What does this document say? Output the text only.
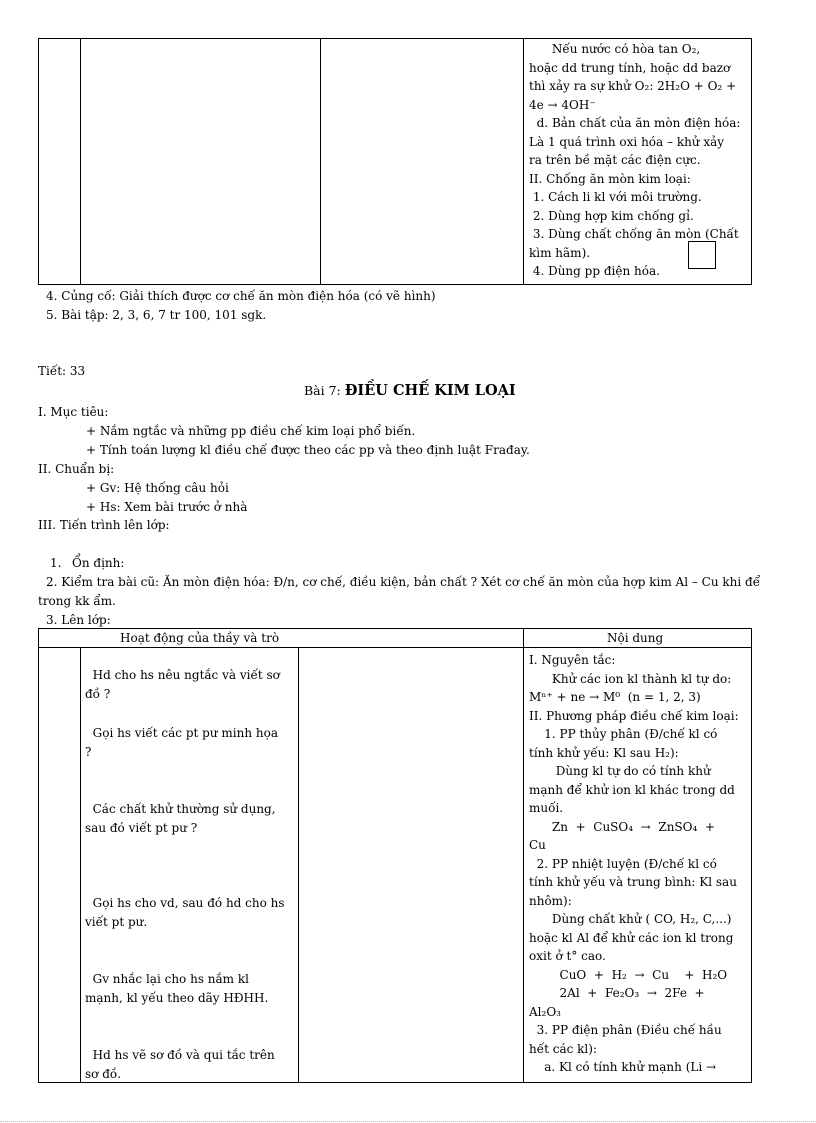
Nếu nước có hòa tan O₂,
hoặc dd trung tính, hoặc dd bazơ
thì xảy ra sự khử O₂: 2H₂O + O₂ +
4e → 4OH⁻
d. Bản chất của ăn mòn điện hóa:
Là 1 quá trình oxi hóa – khử xảy
ra trên bề mặt các điện cực.
II. Chống ăn mòn kim loại:
1. Cách li kl với môi trường.
2. Dùng hợp kim chống gỉ.
3. Dùng chất chống ăn mòn (Chất
kìm hãm).
4. Dùng pp điện hóa.
4. Củng cố: Giải thích được cơ chế ăn mòn điện hóa (có vẽ hình)
5. Bài tập: 2, 3, 6, 7 tr 100, 101 sgk.
Tiết: 33
Bài 7: ĐIỀU CHẾ KIM LOẠI
I. Mục tiêu:
+ Nắm ngtắc và những pp điều chế kim loại phổ biến.
+ Tính toán lượng kl điều chế được theo các pp và theo định luật Frađay.
II. Chuẩn bị:
+ Gv: Hệ thống câu hỏi
+ Hs: Xem bài trước ở nhà
III. Tiến trình lên lớp:
1. Ổn định:
2. Kiểm tra bài cũ: Ăn mòn điện hóa: Đ/n, cơ chế, điều kiện, bản chất ? Xét cơ chế ăn mòn của hợp kim Al – Cu khi để
trong kk ẩm.
3. Lên lớp:
Hoạt động của thầy và trò	Nội dung
Hd cho hs nêu ngtắc và viết sơ
đồ ?
Gọi hs viết các pt pư minh họa
?
Các chất khử thường sử dụng,
sau đó viết pt pư ?
Gọi hs cho vd, sau đó hd cho hs
viết pt pư.
Gv nhắc lại cho hs nắm kl
mạnh, kl yếu theo dãy HĐHH.
Hd hs vẽ sơ đồ và qui tắc trên
sơ đồ.
I. Nguyên tắc:
Khử các ion kl thành kl tự do:
Mⁿ⁺ + ne → M⁰  (n = 1, 2, 3)
II. Phương pháp điều chế kim loại:
1. PP thủy phân (Đ/chế kl có
tính khử yếu: Kl sau H₂):
Dùng kl tự do có tính khử
mạnh để khử ion kl khác trong dd
muối.
Zn  +  CuSO₄  →  ZnSO₄  +
Cu
2. PP nhiệt luyện (Đ/chế kl có
tính khử yếu và trung bình: Kl sau
nhôm):
Dùng chất khử ( CO, H₂, C,...)
hoặc kl Al để khử các ion kl trong
oxit ở t° cao.
CuO  +  H₂  →  Cu    +  H₂O
2Al  +  Fe₂O₃  →  2Fe  +
Al₂O₃
3. PP điện phân (Điều chế hầu
hết các kl):
a. Kl có tính khử mạnh (Li →
